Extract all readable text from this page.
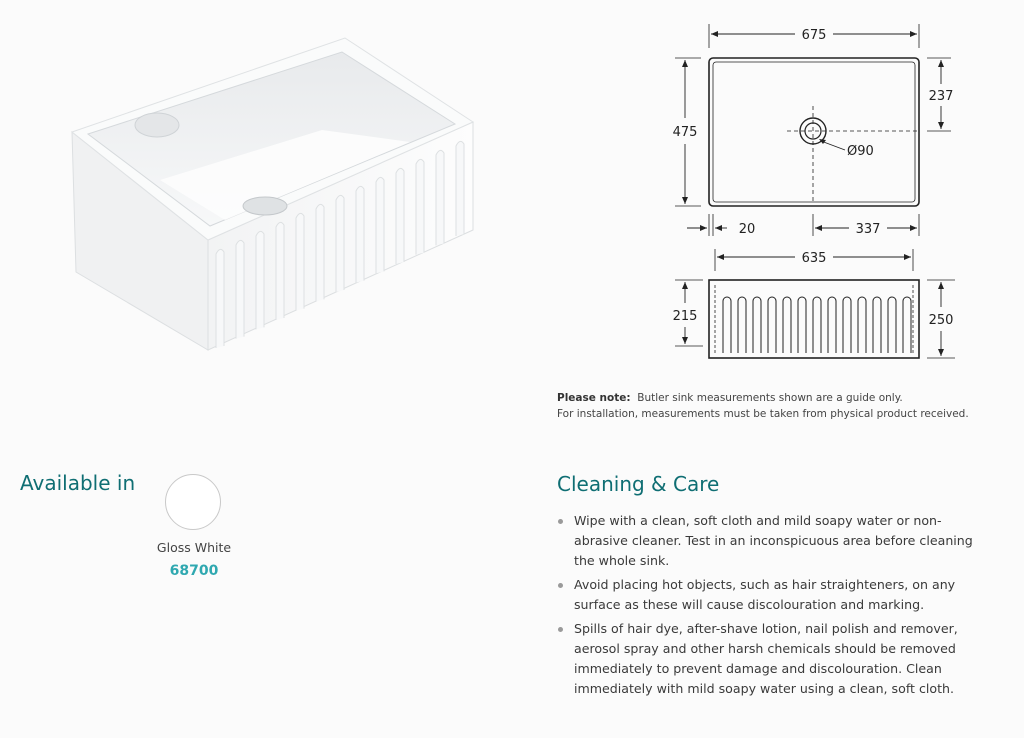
675
475
237
Ø90
20	337
635
215	250
Please note: Butler sink measurements shown are a guide only.
For installation, measurements must be taken from physical product received.
Available in
Gloss White
68700
Cleaning & Care
Wipe with a clean, soft cloth and mild soapy water or non-abrasive cleaner. Test in an inconspicuous area before cleaning the whole sink.
Avoid placing hot objects, such as hair straighteners, on any surface as these will cause discolouration and marking.
Spills of hair dye, after-shave lotion, nail polish and remover, aerosol spray and other harsh chemicals should be removed immediately to prevent damage and discolouration. Clean immediately with mild soapy water using a clean, soft cloth.
